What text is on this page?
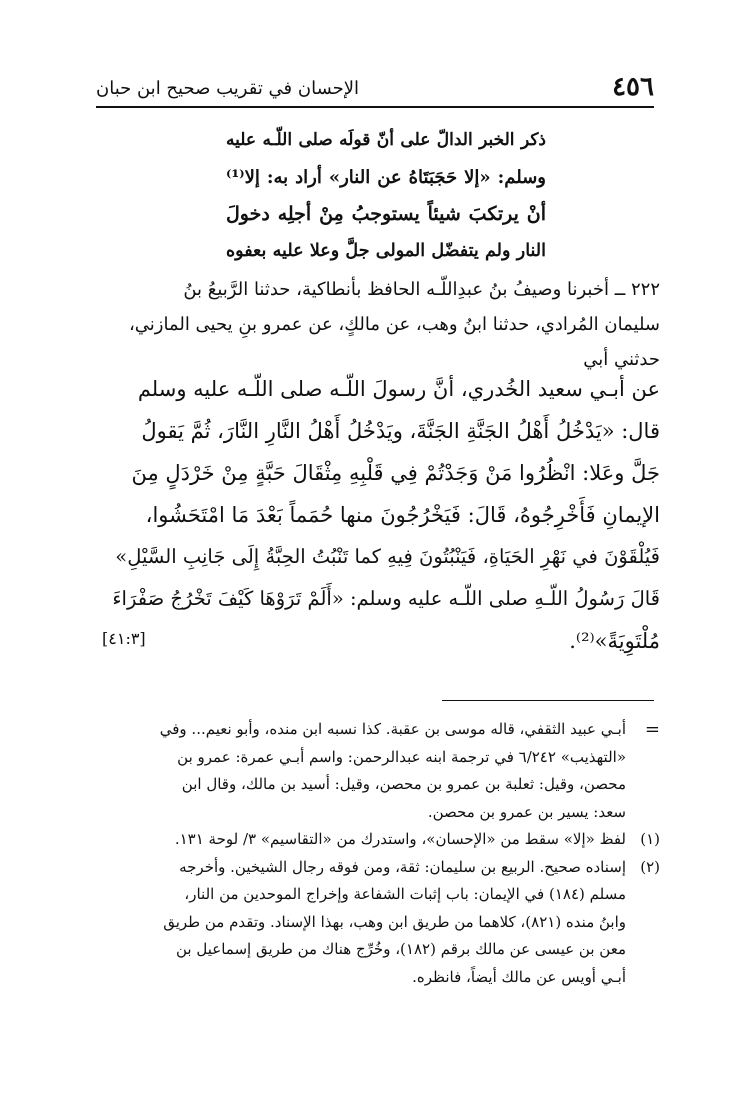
٤٥٦
الإحسان في تقريب صحيح ابن حبان
ذكر الخبر الدالّ على أنّ قولَه صلى اللّـه عليه
وسلم: «إلا حَجَبَتَاهُ عن النار» أراد به: إلا⁽¹⁾
أنْ يرتكبَ شيئاً يستوجبُ مِنْ أجلِه دخولَ
النار ولم يتفضّل المولى جلَّ وعلا عليه بعفوه
٢٢٢ ــ أخبرنا وصيفُ بنُ عبدِاللّـه الحافظ بأنطاكية، حدثنا الرَّبيعُ بنُ
سليمان المُرادي، حدثنا ابنُ وهب، عن مالكٍ، عن عمرو بنِ يحيى المازني،
حدثني أبي
عن أبـي سعيد الخُدري، أنَّ رسولَ اللّـه صلى اللّـه عليه وسلم
قال: «يَدْخُلُ أَهْلُ الجَنَّةِ الجَنَّةَ، ويَدْخُلُ أَهْلُ النَّارِ النَّارَ، ثُمَّ يَقولُ
جَلَّ وعَلا: انْظُرُوا مَنْ وَجَدْتُمْ فِي قَلْبِهِ مِثْقَالَ حَبَّةٍ مِنْ خَرْدَلٍ مِنَ
الإيمانِ فَأَخْرِجُوهُ، قَالَ: فَيَخْرُجُونَ منها حُمَماً بَعْدَ مَا امْتَحَشُوا،
فَيُلْقَوْنَ في نَهْرِ الحَيَاةِ، فَيَنْبُتُونَ فِيهِ كما تَنْبُتُ الحِبَّةُ إِلَى جَانِبِ السَّيْلِ»
قَالَ رَسُولُ اللّـهِ صلى اللّـه عليه وسلم: «أَلَمْ تَرَوْهَا كَيْفَ تَخْرُجُ صَفْرَاءَ
مُلْتَوِيَةً»⁽²⁾.
[٤١:٣]
=
أبـي عبيد الثقفي، قاله موسى بن عقبة. كذا نسبه ابن منده، وأبو نعيم... وفي
«التهذيب» ٦/٢٤٢ في ترجمة ابنه عبدالرحمن: واسم أبـي عمرة: عمرو بن
محصن، وقيل: ثعلبة بن عمرو بن محصن، وقيل: أسيد بن مالك، وقال ابن
سعد: يسير بن عمرو بن محصن.
(١)
لفظ «إلا» سقط من «الإحسان»، واستدرك من «التقاسيم» ٣/ لوحة ١٣١.
(٢)
إسناده صحيح. الربيع بن سليمان: ثقة، ومن فوقه رجال الشيخين. وأخرجه
مسلم (١٨٤) في الإيمان: باب إثبات الشفاعة وإخراج الموحدين من النار،
وابنُ منده (٨٢١)، كلاهما من طريق ابن وهب، بهذا الإسناد. وتقدم من طريق
معن بن عيسى عن مالك برقم (١٨٢)، وخُرِّج هناك من طريق إسماعيل بن
أبـي أويس عن مالك أيضاً، فانظره.
